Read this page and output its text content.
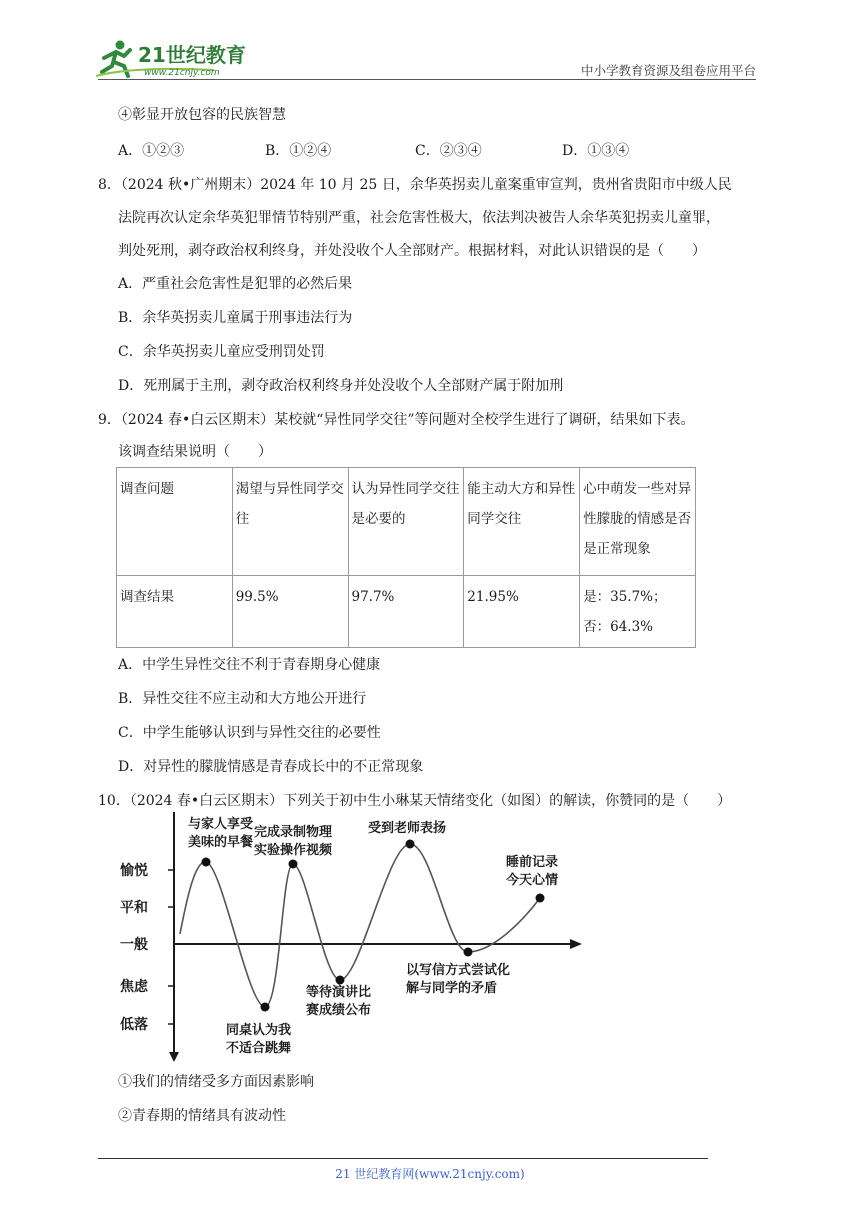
21世纪教育
www.21cnjy.com	中小学教育资源及组卷应用平台
④彰显开放包容的民族智慧
A．①②③	B．①②④	C．②③④	D．①③④
8．（2024 秋•广州期末）2024 年 10 月 25 日，余华英拐卖儿童案重审宣判，贵州省贵阳市中级人民
法院再次认定余华英犯罪情节特别严重，社会危害性极大，依法判决被告人余华英犯拐卖儿童罪，
判处死刑，剥夺政治权利终身，并处没收个人全部财产。根据材料，对此认识错误的是（　　）
A．严重社会危害性是犯罪的必然后果
B．余华英拐卖儿童属于刑事违法行为
C．余华英拐卖儿童应受刑罚处罚
D．死刑属于主刑，剥夺政治权利终身并处没收个人全部财产属于附加刑
9．（2024 春•白云区期末）某校就“异性同学交往”等问题对全校学生进行了调研，结果如下表。
该调查结果说明（　　）
调查问题	渴望与异性同学交往	认为异性同学交往是必要的	能主动大方和异性同学交往	心中萌发一些对异性朦胧的情感是否是正常现象
调查结果	99.5%	97.7%	21.95%	是：35.7%；否：64.3%
A．中学生异性交往不利于青春期身心健康
B．异性交往不应主动和大方地公开进行
C．中学生能够认识到与异性交往的必要性
D．对异性的朦胧情感是青春成长中的不正常现象
10．（2024 春•白云区期末）下列关于初中生小琳某天情绪变化（如图）的解读，你赞同的是（　　）
愉悦
平和
一般
焦虑
低落
与家人享受美味的早餐
同桌认为我不适合跳舞
完成录制物理实验操作视频
等待演讲比赛成绩公布
受到老师表扬
以写信方式尝试化解与同学的矛盾
睡前记录今天心情
①我们的情绪受多方面因素影响
②青春期的情绪具有波动性
21 世纪教育网(www.21cnjy.com)
